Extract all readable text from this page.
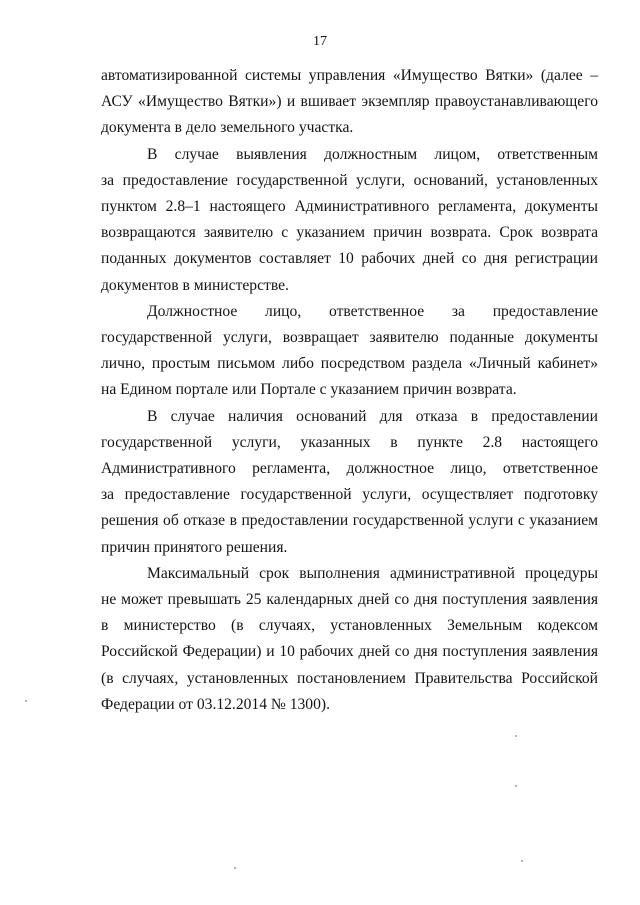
17

автоматизированной системы управления «Имущество Вятки» (далее –
АСУ «Имущество Вятки») и вшивает экземпляр правоустанавливающего
документа в дело земельного участка.

В случае выявления должностным лицом, ответственным
за предоставление государственной услуги, оснований, установленных
пунктом 2.8–1 настоящего Административного регламента, документы
возвращаются заявителю с указанием причин возврата. Срок возврата
поданных документов составляет 10 рабочих дней со дня регистрации
документов в министерстве.

Должностное лицо, ответственное за предоставление
государственной услуги, возвращает заявителю поданные документы
лично, простым письмом либо посредством раздела «Личный кабинет»
на Едином портале или Портале с указанием причин возврата.

В случае наличия оснований для отказа в предоставлении
государственной услуги, указанных в пункте 2.8 настоящего
Административного регламента, должностное лицо, ответственное
за предоставление государственной услуги, осуществляет подготовку
решения об отказе в предоставлении государственной услуги с указанием
причин принятого решения.

Максимальный срок выполнения административной процедуры
не может превышать 25 календарных дней со дня поступления заявления
в министерство (в случаях, установленных Земельным кодексом
Российской Федерации) и 10 рабочих дней со дня поступления заявления
(в случаях, установленных постановлением Правительства Российской
Федерации от 03.12.2014 № 1300).
